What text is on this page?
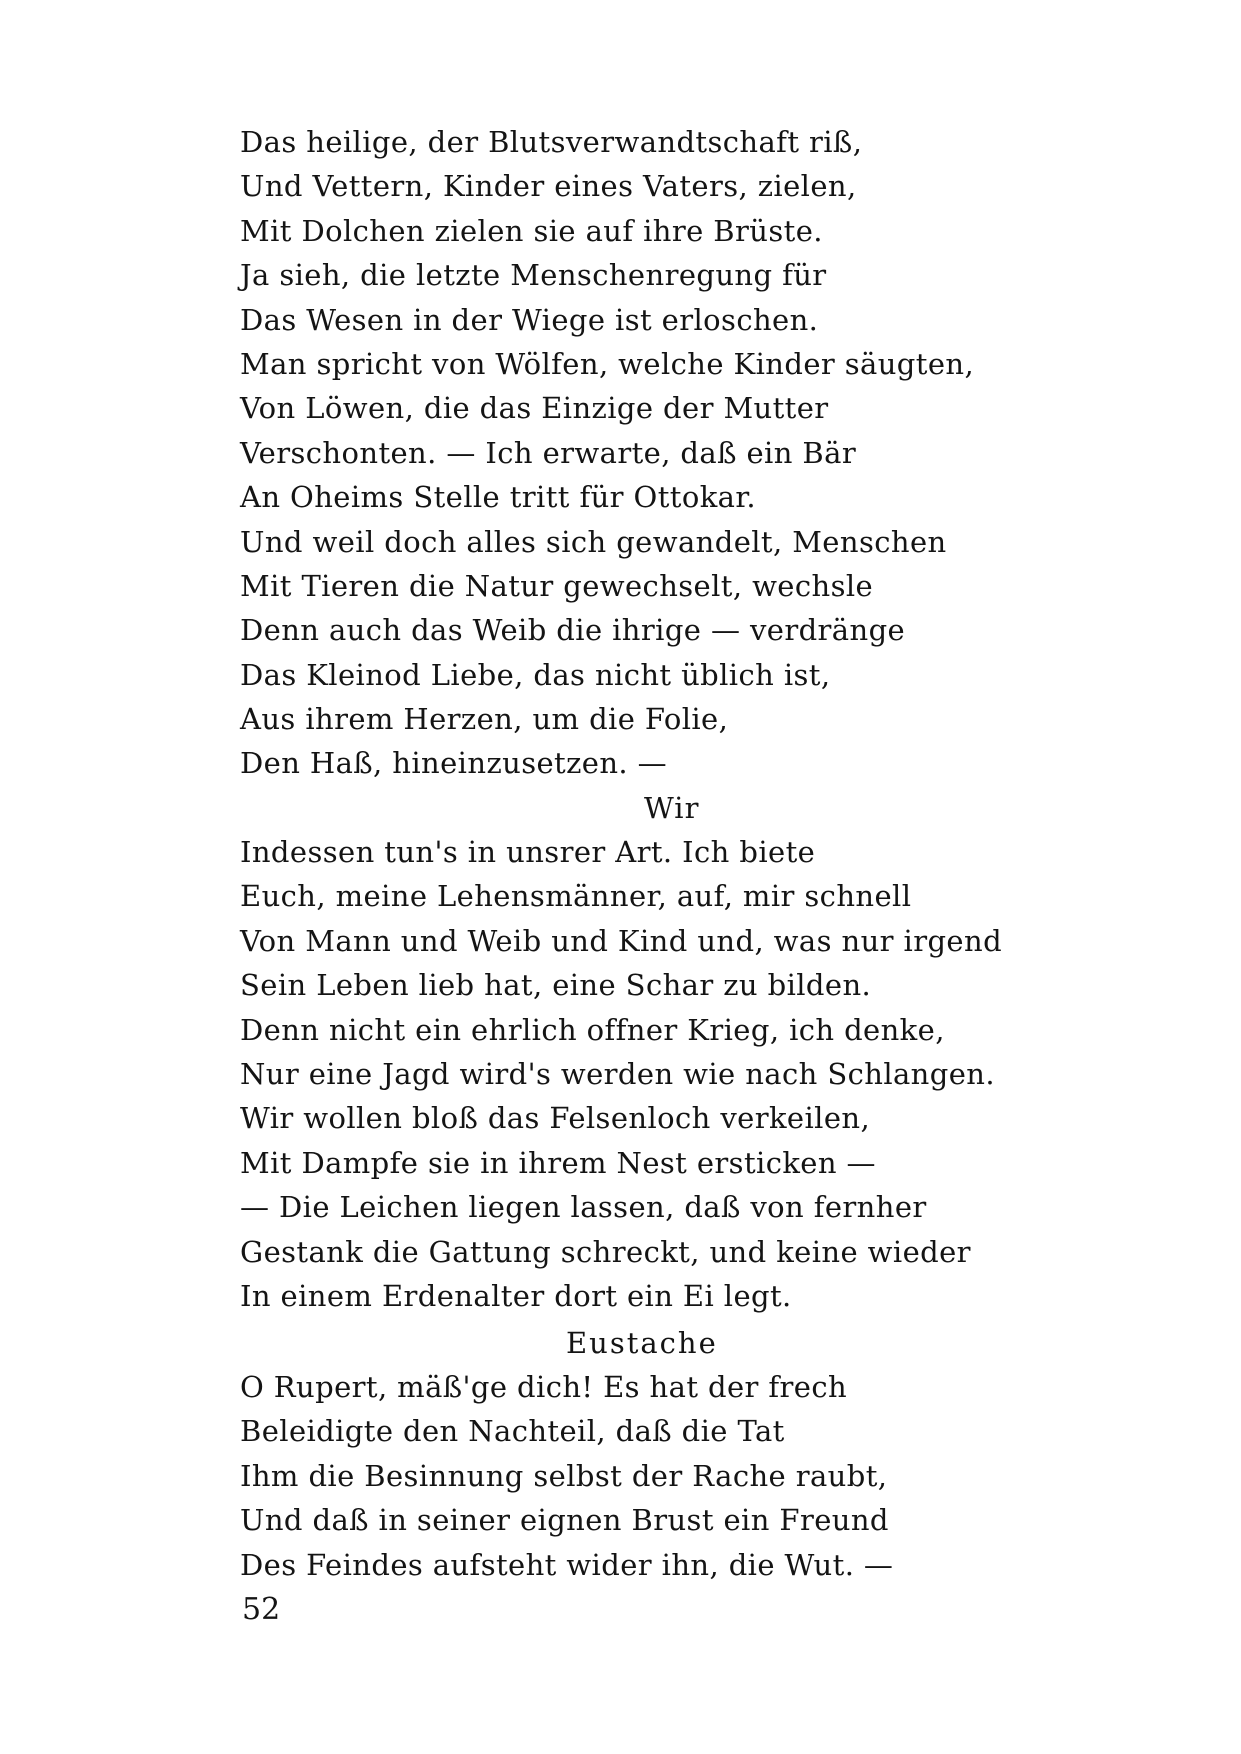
Das heilige, der Blutsverwandtschaft riß,
Und Vettern, Kinder eines Vaters, zielen,
Mit Dolchen zielen sie auf ihre Brüste.
Ja sieh, die letzte Menschenregung für
Das Wesen in der Wiege ist erloschen.
Man spricht von Wölfen, welche Kinder säugten,
Von Löwen, die das Einzige der Mutter
Verschonten. — Ich erwarte, daß ein Bär
An Oheims Stelle tritt für Ottokar.
Und weil doch alles sich gewandelt, Menschen
Mit Tieren die Natur gewechselt, wechsle
Denn auch das Weib die ihrige — verdränge
Das Kleinod Liebe, das nicht üblich ist,
Aus ihrem Herzen, um die Folie,
Den Haß, hineinzusetzen. —
Wir
Indessen tun's in unsrer Art. Ich biete
Euch, meine Lehensmänner, auf, mir schnell
Von Mann und Weib und Kind und, was nur irgend
Sein Leben lieb hat, eine Schar zu bilden.
Denn nicht ein ehrlich offner Krieg, ich denke,
Nur eine Jagd wird's werden wie nach Schlangen.
Wir wollen bloß das Felsenloch verkeilen,
Mit Dampfe sie in ihrem Nest ersticken —
— Die Leichen liegen lassen, daß von fernher
Gestank die Gattung schreckt, und keine wieder
In einem Erdenalter dort ein Ei legt.
Eustache
O Rupert, mäß'ge dich! Es hat der frech
Beleidigte den Nachteil, daß die Tat
Ihm die Besinnung selbst der Rache raubt,
Und daß in seiner eignen Brust ein Freund
Des Feindes aufsteht wider ihn, die Wut. —
52
